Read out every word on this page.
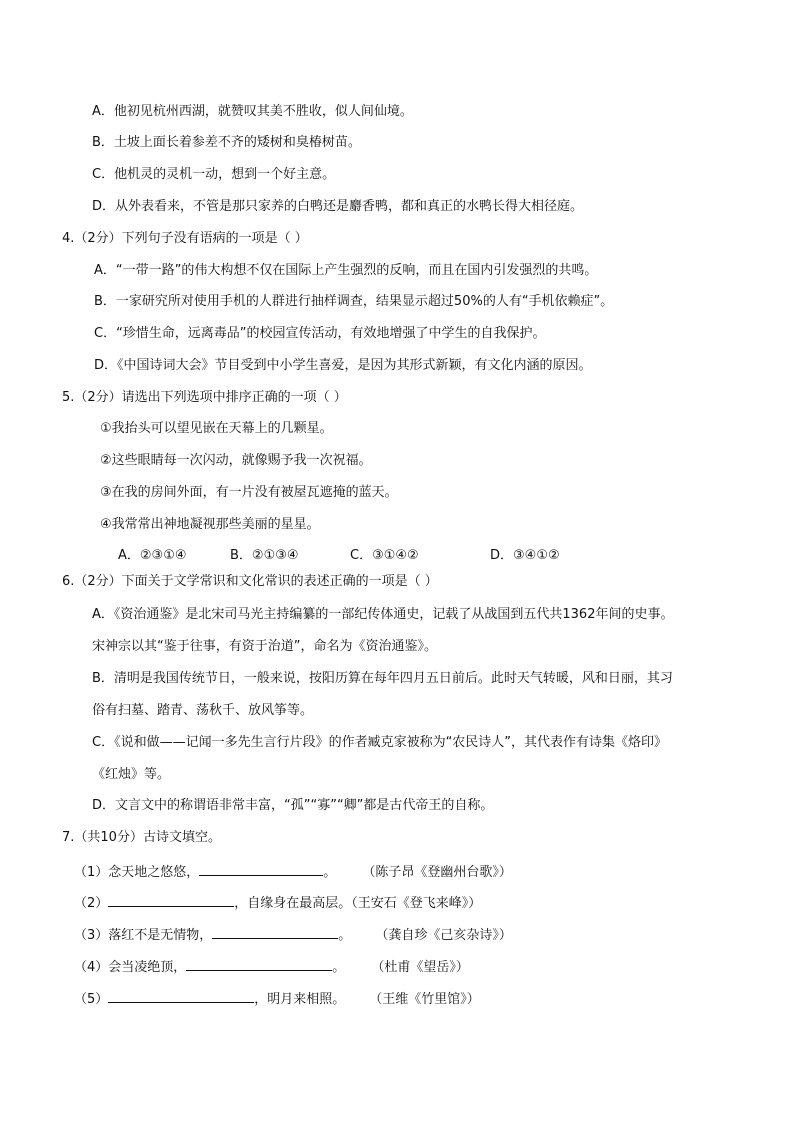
A．他初见杭州西湖，就赞叹其美不胜收，似人间仙境。
B．土坡上面长着参差不齐的矮树和臭椿树苗。
C．他机灵的灵机一动，想到一个好主意。
D．从外表看来，不管是那只家养的白鸭还是麝香鸭，都和真正的水鸭长得大相径庭。
4.（2分）下列句子没有语病的一项是（ ）
A．“一带一路”的伟大构想不仅在国际上产生强烈的反响，而且在国内引发强烈的共鸣。
B．一家研究所对使用手机的人群进行抽样调查，结果显示超过50%的人有“手机依赖症”。
C．“珍惜生命，远离毒品”的校园宣传活动，有效地增强了中学生的自我保护。
D．《中国诗词大会》节目受到中小学生喜爱，是因为其形式新颖，有文化内涵的原因。
5.（2分）请选出下列选项中排序正确的一项（ ）
①我抬头可以望见嵌在天幕上的几颗星。
②这些眼睛每一次闪动，就像赐予我一次祝福。
③在我的房间外面，有一片没有被屋瓦遮掩的蓝天。
④我常常出神地凝视那些美丽的星星。
A．②③①④	B．②①③④	C．③①④②	D．③④①②
6.（2分）下面关于文学常识和文化常识的表述正确的一项是（ ）
A．《资治通鉴》是北宋司马光主持编纂的一部纪传体通史，记载了从战国到五代共1362年间的史事。
宋神宗以其“鉴于往事，有资于治道”，命名为《资治通鉴》。
B．清明是我国传统节日，一般来说，按阳历算在每年四月五日前后。此时天气转暖，风和日丽，其习
俗有扫墓、踏青、荡秋千、放风筝等。
C．《说和做——记闻一多先生言行片段》的作者臧克家被称为“农民诗人”，其代表作有诗集《烙印》
《红烛》等。
D．文言文中的称谓语非常丰富，“孤”“寡”“卿”都是古代帝王的自称。
7.（共10分）古诗文填空。
（1）念天地之悠悠，	。 （陈子昂《登幽州台歌》）
（2）	，自缘身在最高层。（王安石《登飞来峰》）
（3）落红不是无情物，	。 （龚自珍《己亥杂诗》）
（4）会当凌绝顶，	。 （杜甫《望岳》）
（5）	，明月来相照。 （王维《竹里馆》）
